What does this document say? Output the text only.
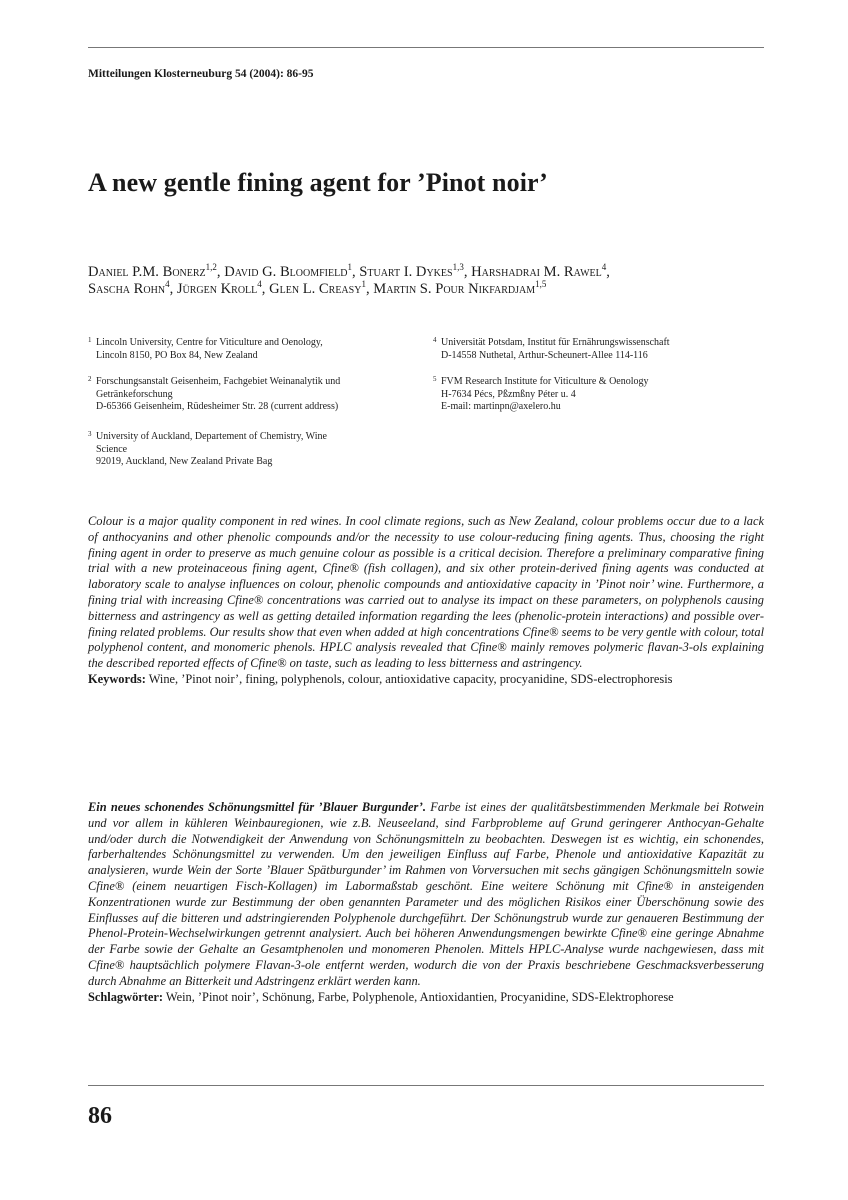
Mitteilungen Klosterneuburg 54 (2004): 86-95
A new gentle fining agent for ’Pinot noir’
Daniel P.M. Bonerz$^{1,2}$, David G. Bloomfield$^1$, Stuart I. Dykes$^{1,3}$, Harshadrai M. Rawel$^4$,
Sascha Rohn$^4$, Jürgen Kroll$^4$, Glen L. Creasy$^1$, Martin S. Pour Nikfardjam$^{1,5}$
1 Lincoln University, Centre for Viticulture and Oenology,
Lincoln 8150, PO Box 84, New Zealand
2 Forschungsanstalt Geisenheim, Fachgebiet Weinanalytik und
Getränkeforschung
D-65366 Geisenheim, Rüdesheimer Str. 28 (current address)
3 University of Auckland, Departement of Chemistry, Wine
Science
92019, Auckland, New Zealand Private Bag
4 Universität Potsdam, Institut für Ernährungswissenschaft
D-14558 Nuthetal, Arthur-Scheunert-Allee 114-116
5 FVM Research Institute for Viticulture & Oenology
H-7634 Pécs, Pßzmßny Péter u. 4
E-mail: martinpn@axelero.hu

Colour is a major quality component in red wines. In cool climate regions, such as New Zealand, colour problems occur due to a lack of anthocyanins and other phenolic compounds and/or the necessity to use colour-reducing fining agents. Thus, choosing the right fining agent in order to preserve as much genuine colour as possible is a critical decision. Therefore a preliminary comparative fining trial with a new proteinaceous fining agent, Cfine® (fish collagen), and six other protein-derived fining agents was conducted at laboratory scale to analyse influences on colour, phenolic compounds and antioxidative capacity in ’Pinot noir’ wine. Furthermore, a fining trial with increasing Cfine® concentrations was carried out to analyse its impact on these parameters, on polyphenols causing bitterness and astringency as well as getting detailed information regarding the lees (phenolic-protein interactions) and possible over-fining related problems. Our results show that even when added at high concentrations Cfine® seems to be very gentle with colour, total polyphenol content, and monomeric phenols. HPLC analysis revealed that Cfine® mainly removes polymeric flavan-3-ols explaining the described reported effects of Cfine® on taste, such as leading to less bitterness and astringency.

Keywords: Wine, ’Pinot noir’, fining, polyphenols, colour, antioxidative capacity, procyanidine, SDS-electrophoresis

Ein neues schonendes Schönungsmittel für ’Blauer Burgunder’. Farbe ist eines der qualitätsbestimmenden Merkmale bei Rotwein und vor allem in kühleren Weinbauregionen, wie z.B. Neuseeland, sind Farbprobleme auf Grund geringerer Anthocyan-Gehalte und/oder durch die Notwendigkeit der Anwendung von Schönungsmitteln zu beobachten. Deswegen ist es wichtig, ein schonendes, farberhaltendes Schönungsmittel zu verwenden. Um den jeweiligen Einfluss auf Farbe, Phenole und antioxidative Kapazität zu analysieren, wurde Wein der Sorte ’Blauer Spätburgunder’ im Rahmen von Vorversuchen mit sechs gängigen Schönungsmitteln sowie Cfine® (einem neuartigen Fisch-Kollagen) im Labormaßstab geschönt. Eine weitere Schönung mit Cfine® in ansteigenden Konzentrationen wurde zur Bestimmung der oben genannten Parameter und des möglichen Risikos einer Überschönung sowie des Einflusses auf die bitteren und adstringierenden Polyphenole durchgeführt. Der Schönungstrub wurde zur genaueren Bestimmung der Phenol-Protein-Wechselwirkungen getrennt analysiert. Auch bei höheren Anwendungsmengen bewirkte Cfine® eine geringe Abnahme der Farbe sowie der Gehalte an Gesamtphenolen und monomeren Phenolen. Mittels HPLC-Analyse wurde nachgewiesen, dass mit Cfine® hauptsächlich polymere Flavan-3-ole entfernt werden, wodurch die von der Praxis beschriebene Geschmacksverbesserung durch Abnahme an Bitterkeit und Adstringenz erklärt werden kann.

Schlagwörter: Wein, ’Pinot noir’, Schönung, Farbe, Polyphenole, Antioxidantien, Procyanidine, SDS-Elektrophorese

86
